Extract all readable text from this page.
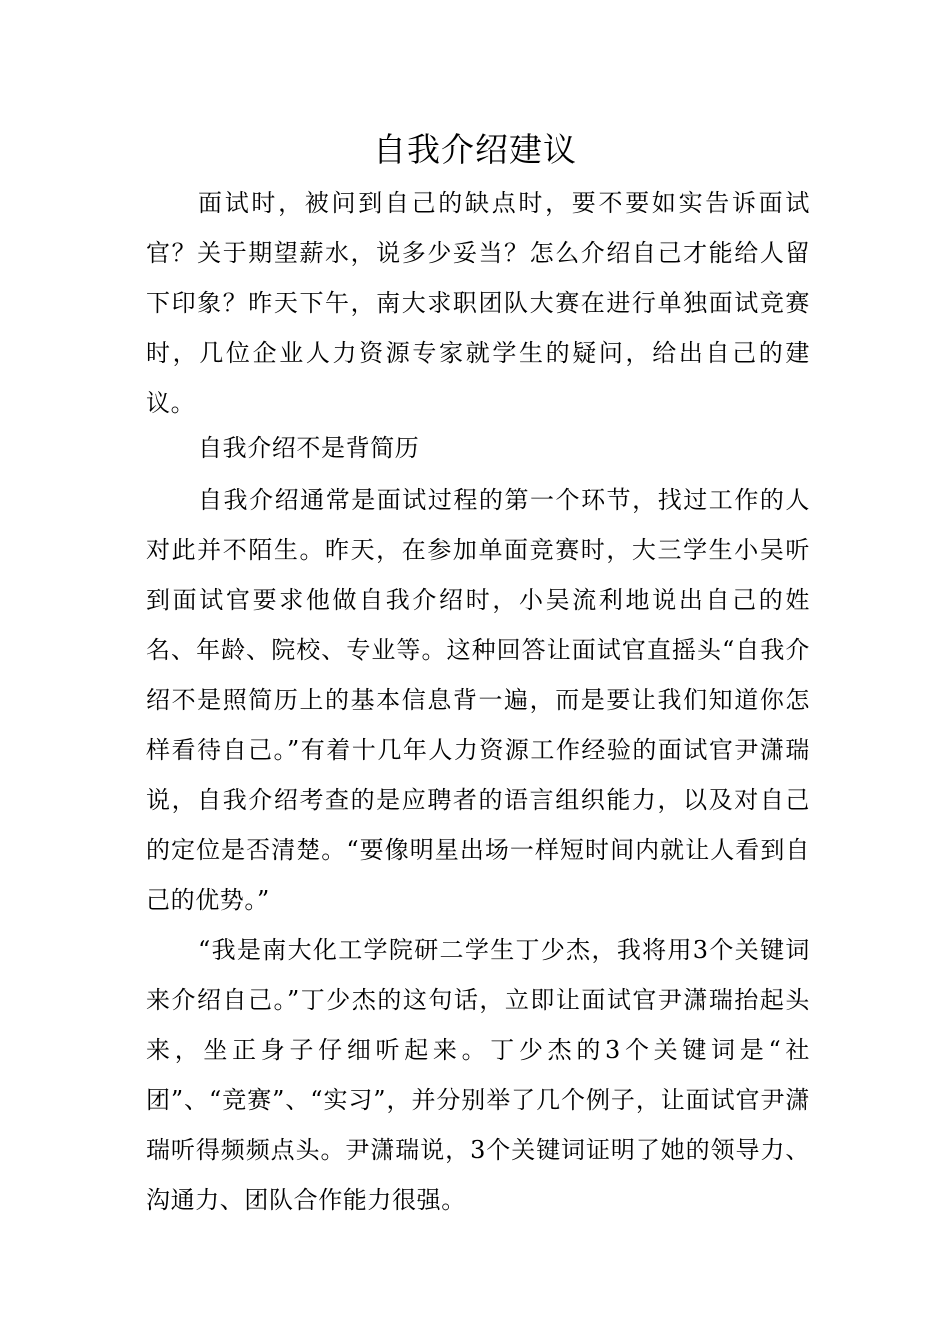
自我介绍建议

面试时，被问到自己的缺点时，要不要如实告诉面试官？关于期望薪水，说多少妥当？怎么介绍自己才能给人留下印象？昨天下午，南大求职团队大赛在进行单独面试竞赛时，几位企业人力资源专家就学生的疑问，给出自己的建议。

自我介绍不是背简历

自我介绍通常是面试过程的第一个环节，找过工作的人对此并不陌生。昨天，在参加单面竞赛时，大三学生小吴听到面试官要求他做自我介绍时，小吴流利地说出自己的姓名、年龄、院校、专业等。这种回答让面试官直摇头“自我介绍不是照简历上的基本信息背一遍，而是要让我们知道你怎样看待自己。”有着十几年人力资源工作经验的面试官尹潇瑞说，自我介绍考查的是应聘者的语言组织能力，以及对自己的定位是否清楚。“要像明星出场一样短时间内就让人看到自己的优势。”

“我是南大化工学院研二学生丁少杰，我将用3个关键词来介绍自己。”丁少杰的这句话，立即让面试官尹潇瑞抬起头来，坐正身子仔细听起来。丁少杰的3个关键词是“社团”、“竞赛”、“实习”，并分别举了几个例子，让面试官尹潇瑞听得频频点头。尹潇瑞说，3个关键词证明了她的领导力、沟通力、团队合作能力很强。
